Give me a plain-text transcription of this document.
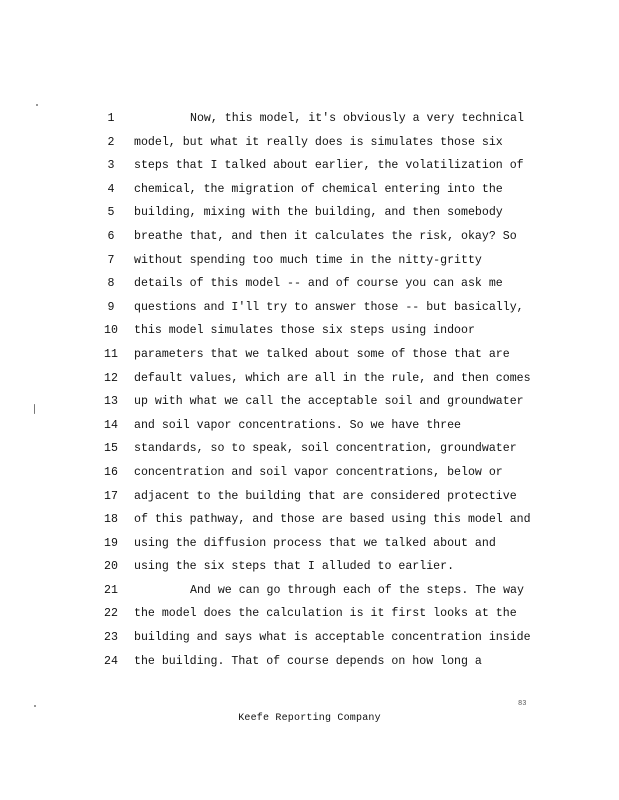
1	Now, this model, it's obviously a very technical
2	model, but what it really does is simulates those six
3	steps that I talked about earlier, the volatilization of
4	chemical, the migration of chemical entering into the
5	building, mixing with the building, and then somebody
6	breathe that, and then it calculates the risk, okay? So
7	without spending too much time in the nitty-gritty
8	details of this model -- and of course you can ask me
9	questions and I'll try to answer those -- but basically,
10	this model simulates those six steps using indoor
11	parameters that we talked about some of those that are
12	default values, which are all in the rule, and then comes
13	up with what we call the acceptable soil and groundwater
14	and soil vapor concentrations. So we have three
15	standards, so to speak, soil concentration, groundwater
16	concentration and soil vapor concentrations, below or
17	adjacent to the building that are considered protective
18	of this pathway, and those are based using this model and
19	using the diffusion process that we talked about and
20	using the six steps that I alluded to earlier.
21	And we can go through each of the steps. The way
22	the model does the calculation is it first looks at the
23	building and says what is acceptable concentration inside
24	the building. That of course depends on how long a
83
Keefe Reporting Company
